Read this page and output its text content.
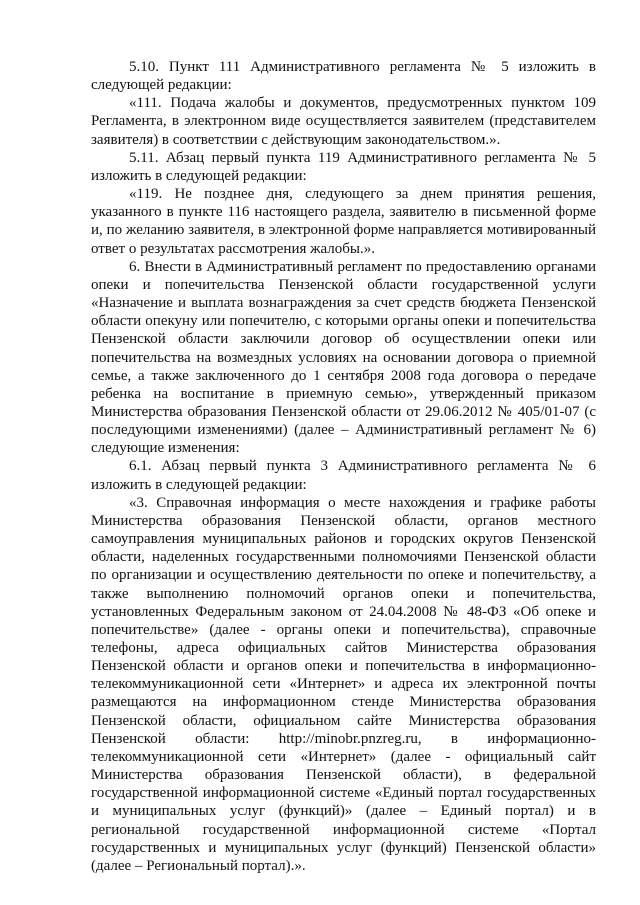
5.10. Пункт 111 Административного регламента № 5 изложить в следующей редакции:

«111. Подача жалобы и документов, предусмотренных пунктом 109 Регламента, в электронном виде осуществляется заявителем (представителем заявителя) в соответствии с действующим законодательством.».

5.11. Абзац первый пункта 119 Административного регламента № 5 изложить в следующей редакции:

«119. Не позднее дня, следующего за днем принятия решения, указанного в пункте 116 настоящего раздела, заявителю в письменной форме и, по желанию заявителя, в электронной форме направляется мотивированный ответ о результатах рассмотрения жалобы.».

6. Внести в Административный регламент по предоставлению органами опеки и попечительства Пензенской области государственной услуги «Назначение и выплата вознаграждения за счет средств бюджета Пензенской области опекуну или попечителю, с которыми органы опеки и попечительства Пензенской области заключили договор об осуществлении опеки или попечительства на возмездных условиях на основании договора о приемной семье, а также заключенного до 1 сентября 2008 года договора о передаче ребенка на воспитание в приемную семью», утвержденный приказом Министерства образования Пензенской области от 29.06.2012 № 405/01-07 (с последующими изменениями) (далее – Административный регламент № 6) следующие изменения:

6.1. Абзац первый пункта 3 Административного регламента № 6 изложить в следующей редакции:

«3. Справочная информация о месте нахождения и графике работы Министерства образования Пензенской области, органов местного самоуправления муниципальных районов и городских округов Пензенской области, наделенных государственными полномочиями Пензенской области по организации и осуществлению деятельности по опеке и попечительству, а также выполнению полномочий органов опеки и попечительства, установленных Федеральным законом от 24.04.2008 № 48-ФЗ «Об опеке и попечительстве» (далее - органы опеки и попечительства), справочные телефоны, адреса официальных сайтов Министерства образования Пензенской области и органов опеки и попечительства в информационно-телекоммуникационной сети «Интернет» и адреса их электронной почты размещаются на информационном стенде Министерства образования Пензенской области, официальном сайте Министерства образования Пензенской области: http://minobr.pnzreg.ru, в информационно-телекоммуникационной сети «Интернет» (далее - официальный сайт Министерства образования Пензенской области), в федеральной государственной информационной системе «Единый портал государственных и муниципальных услуг (функций)» (далее – Единый портал) и в региональной государственной информационной системе «Портал государственных и муниципальных услуг (функций) Пензенской области» (далее – Региональный портал).».
